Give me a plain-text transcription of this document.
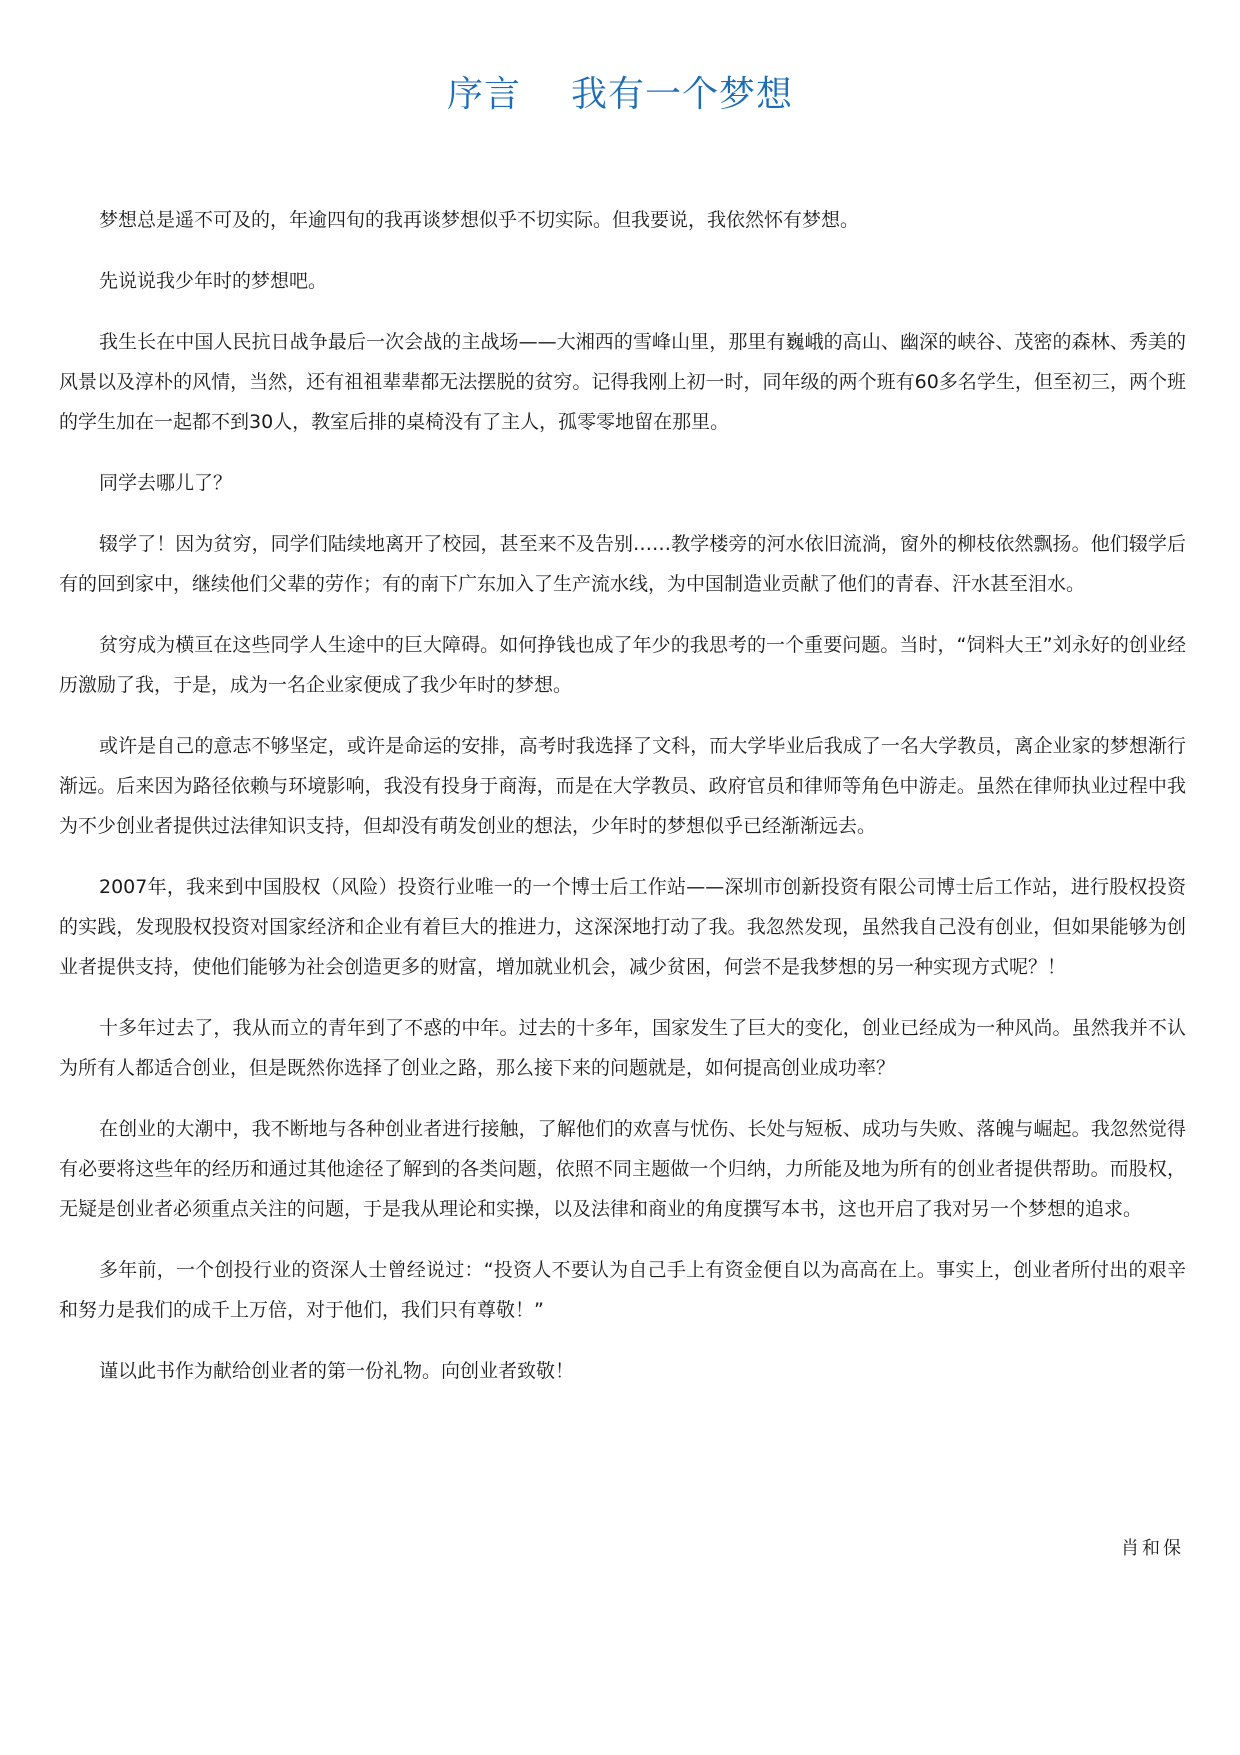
序言 我有一个梦想

梦想总是遥不可及的，年逾四旬的我再谈梦想似乎不切实际。但我要说，我依然怀有梦想。

先说说我少年时的梦想吧。

我生长在中国人民抗日战争最后一次会战的主战场——大湘西的雪峰山里，那里有巍峨的高山、幽深的峡谷、茂密的森林、秀美的风景以及淳朴的风情，当然，还有祖祖辈辈都无法摆脱的贫穷。记得我刚上初一时，同年级的两个班有60多名学生，但至初三，两个班的学生加在一起都不到30人，教室后排的桌椅没有了主人，孤零零地留在那里。

同学去哪儿了？

辍学了！因为贫穷，同学们陆续地离开了校园，甚至来不及告别……教学楼旁的河水依旧流淌，窗外的柳枝依然飘扬。他们辍学后有的回到家中，继续他们父辈的劳作；有的南下广东加入了生产流水线，为中国制造业贡献了他们的青春、汗水甚至泪水。

贫穷成为横亘在这些同学人生途中的巨大障碍。如何挣钱也成了年少的我思考的一个重要问题。当时，“饲料大王”刘永好的创业经历激励了我，于是，成为一名企业家便成了我少年时的梦想。

或许是自己的意志不够坚定，或许是命运的安排，高考时我选择了文科，而大学毕业后我成了一名大学教员，离企业家的梦想渐行渐远。后来因为路径依赖与环境影响，我没有投身于商海，而是在大学教员、政府官员和律师等角色中游走。虽然在律师执业过程中我为不少创业者提供过法律知识支持，但却没有萌发创业的想法，少年时的梦想似乎已经渐渐远去。

2007年，我来到中国股权（风险）投资行业唯一的一个博士后工作站——深圳市创新投资有限公司博士后工作站，进行股权投资的实践，发现股权投资对国家经济和企业有着巨大的推进力，这深深地打动了我。我忽然发现，虽然我自己没有创业，但如果能够为创业者提供支持，使他们能够为社会创造更多的财富，增加就业机会，减少贫困，何尝不是我梦想的另一种实现方式呢？！

十多年过去了，我从而立的青年到了不惑的中年。过去的十多年，国家发生了巨大的变化，创业已经成为一种风尚。虽然我并不认为所有人都适合创业，但是既然你选择了创业之路，那么接下来的问题就是，如何提高创业成功率？

在创业的大潮中，我不断地与各种创业者进行接触，了解他们的欢喜与忧伤、长处与短板、成功与失败、落魄与崛起。我忽然觉得有必要将这些年的经历和通过其他途径了解到的各类问题，依照不同主题做一个归纳，力所能及地为所有的创业者提供帮助。而股权，无疑是创业者必须重点关注的问题，于是我从理论和实操，以及法律和商业的角度撰写本书，这也开启了我对另一个梦想的追求。

多年前，一个创投行业的资深人士曾经说过：“投资人不要认为自己手上有资金便自以为高高在上。事实上，创业者所付出的艰辛和努力是我们的成千上万倍，对于他们，我们只有尊敬！”

谨以此书作为献给创业者的第一份礼物。向创业者致敬！

肖和保
